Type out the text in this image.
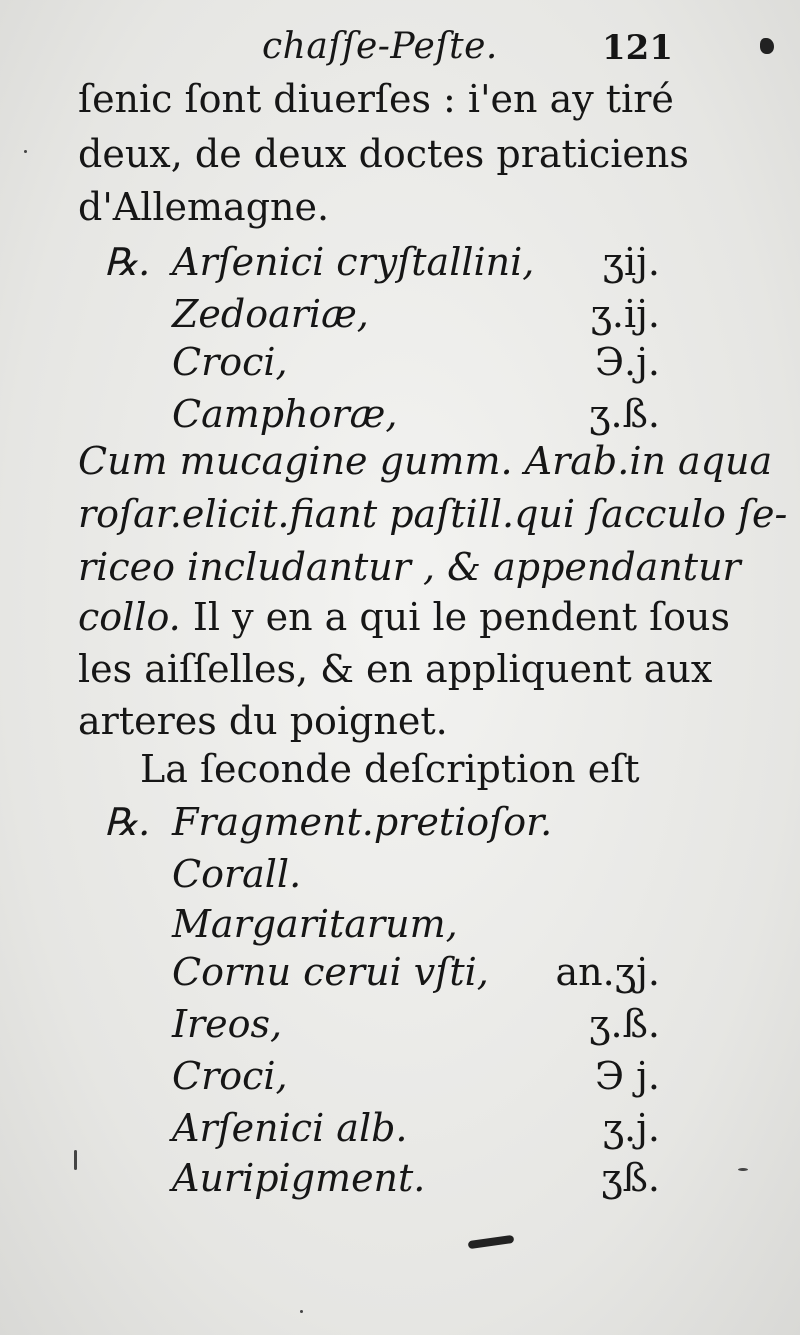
chaſſe-Peſte.	121
ſenic ſont diuerſes : i'en ay tiré
deux, de deux doctes praticiens
d'Allemagne.
℞. Arſenici cryſtallini,	ʒij.
Zedoariæ,	ʒ.ij.
Croci,	Э.j.
Camphoræ,	ʒ.ß.
Cum mucagine gumm. Arab.in aqua
roſar.elicit.fiant paſtill.qui ſacculo ſe-
riceo includantur , & appendantur
collo. Il y en a qui le pendent ſous
les aiſſelles, & en appliquent aux
arteres du poignet.
La ſeconde deſcription eſt
℞. Fragment.pretioſor.
Corall.
Margaritarum,
Cornu cerui vſti,	an.ʒj.
Ireos,	ʒ.ß.
Croci,	Э j.
Arſenici alb.	ʒ.j.
Auripigment.	ʒß.
